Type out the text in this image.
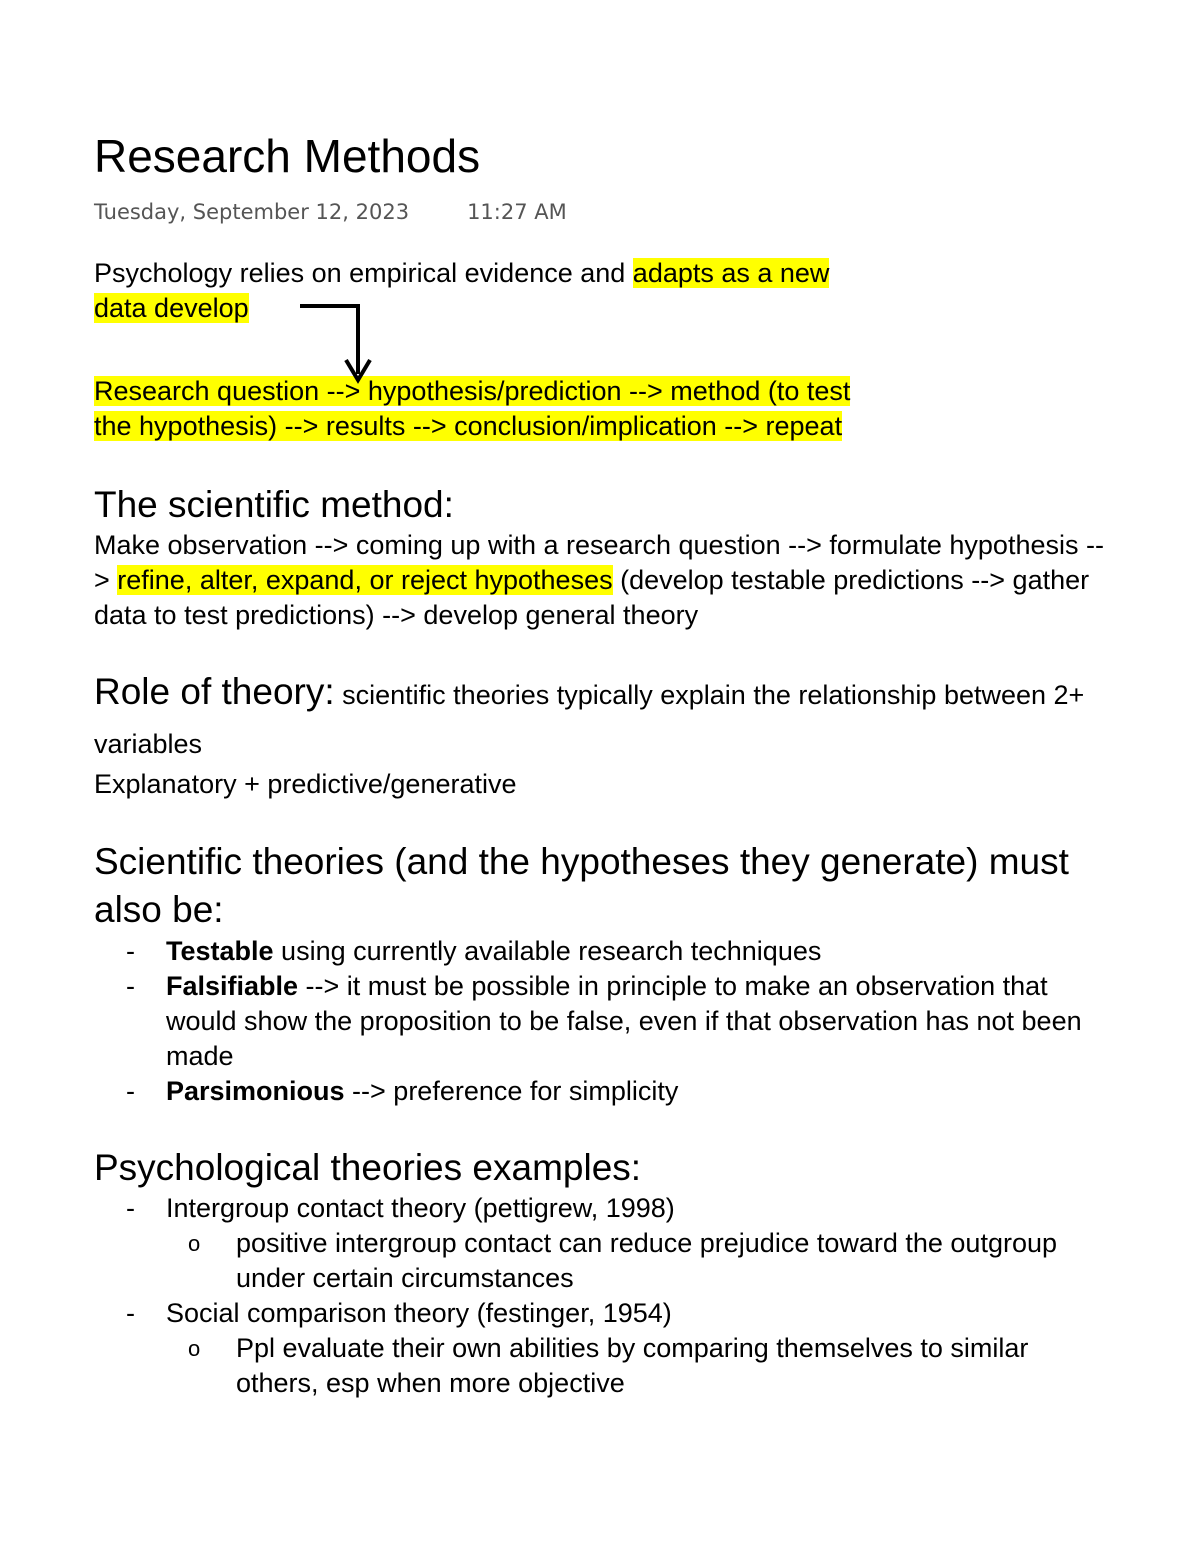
Research Methods
Tuesday, September 12, 2023	11:27 AM

Psychology relies on empirical evidence and adapts as a new
data develop

Research question --> hypothesis/prediction --> method (to test
the hypothesis) --> results --> conclusion/implication --> repeat

The scientific method:

Make observation --> coming up with a research question --> formulate hypothesis --> refine, alter, expand, or reject hypotheses (develop testable predictions --> gather data to test predictions) --> develop general theory

Role of theory: scientific theories typically explain the relationship between 2+ variables

Explanatory + predictive/generative

Scientific theories (and the hypotheses they generate) must also be:
- Testable using currently available research techniques
- Falsifiable --> it must be possible in principle to make an observation that would show the proposition to be false, even if that observation has not been made
- Parsimonious --> preference for simplicity
Psychological theories examples:
- Intergroup contact theory (pettigrew, 1998)
o positive intergroup contact can reduce prejudice toward the outgroup under certain circumstances
- Social comparison theory (festinger, 1954)
o Ppl evaluate their own abilities by comparing themselves to similar others, esp when more objective
